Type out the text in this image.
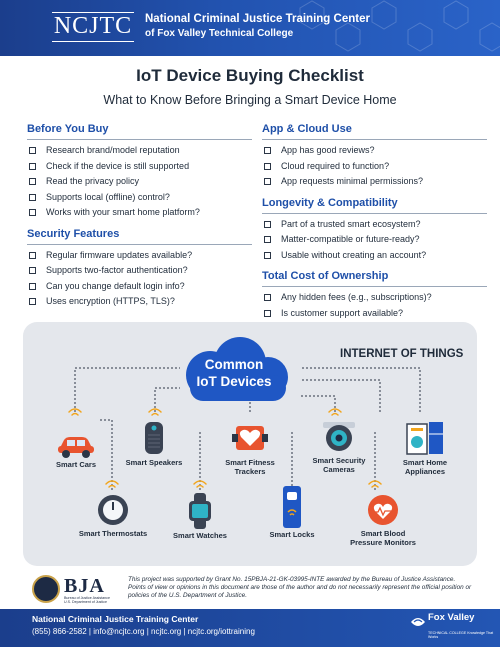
NCJTC National Criminal Justice Training Center
of Fox Valley Technical College
IoT Device Buying Checklist
What to Know Before Bringing a Smart Device Home
Before You Buy
Research brand/model reputation
Check if the device is still supported
Read the privacy policy
Supports local (offline) control?
Works with your smart home platform?
Security Features
Regular firmware updates available?
Supports two-factor authentication?
Can you change default login info?
Uses encryption (HTTPS, TLS)?
App & Cloud Use
App has good reviews?
Cloud required to function?
App requests minimal permissions?
Longevity & Compatibility
Part of a trusted smart ecosystem?
Matter-compatible or future-ready?
Usable without creating an account?
Total Cost of Ownership
Any hidden fees (e.g., subscriptions)?
Is customer support available?
Common
IoT Devices
INTERNET OF THINGS
Smart Cars	Smart Speakers	Smart Fitness
Trackers
Smart Security
Cameras
Smart Home
Appliances
Smart Thermostats	Smart Watches	Smart Locks	Smart Blood
Pressure Monitors
BJA
Bureau of Justice Assistance U.S. Department of Justice
This project was supported by Grant No. 15PBJA-21-GK-03995-INTE awarded by the Bureau of Justice Assistance. Points of view or opinions in this document are those of the author and do not necessarily represent the official position or policies of the U.S. Department of Justice.
National Criminal Justice Training Center
(855) 866-2582 | info@ncjtc.org | ncjtc.org | ncjtc.org/iottraining
Fox Valley
TECHNICAL COLLEGE Knowledge That Works
